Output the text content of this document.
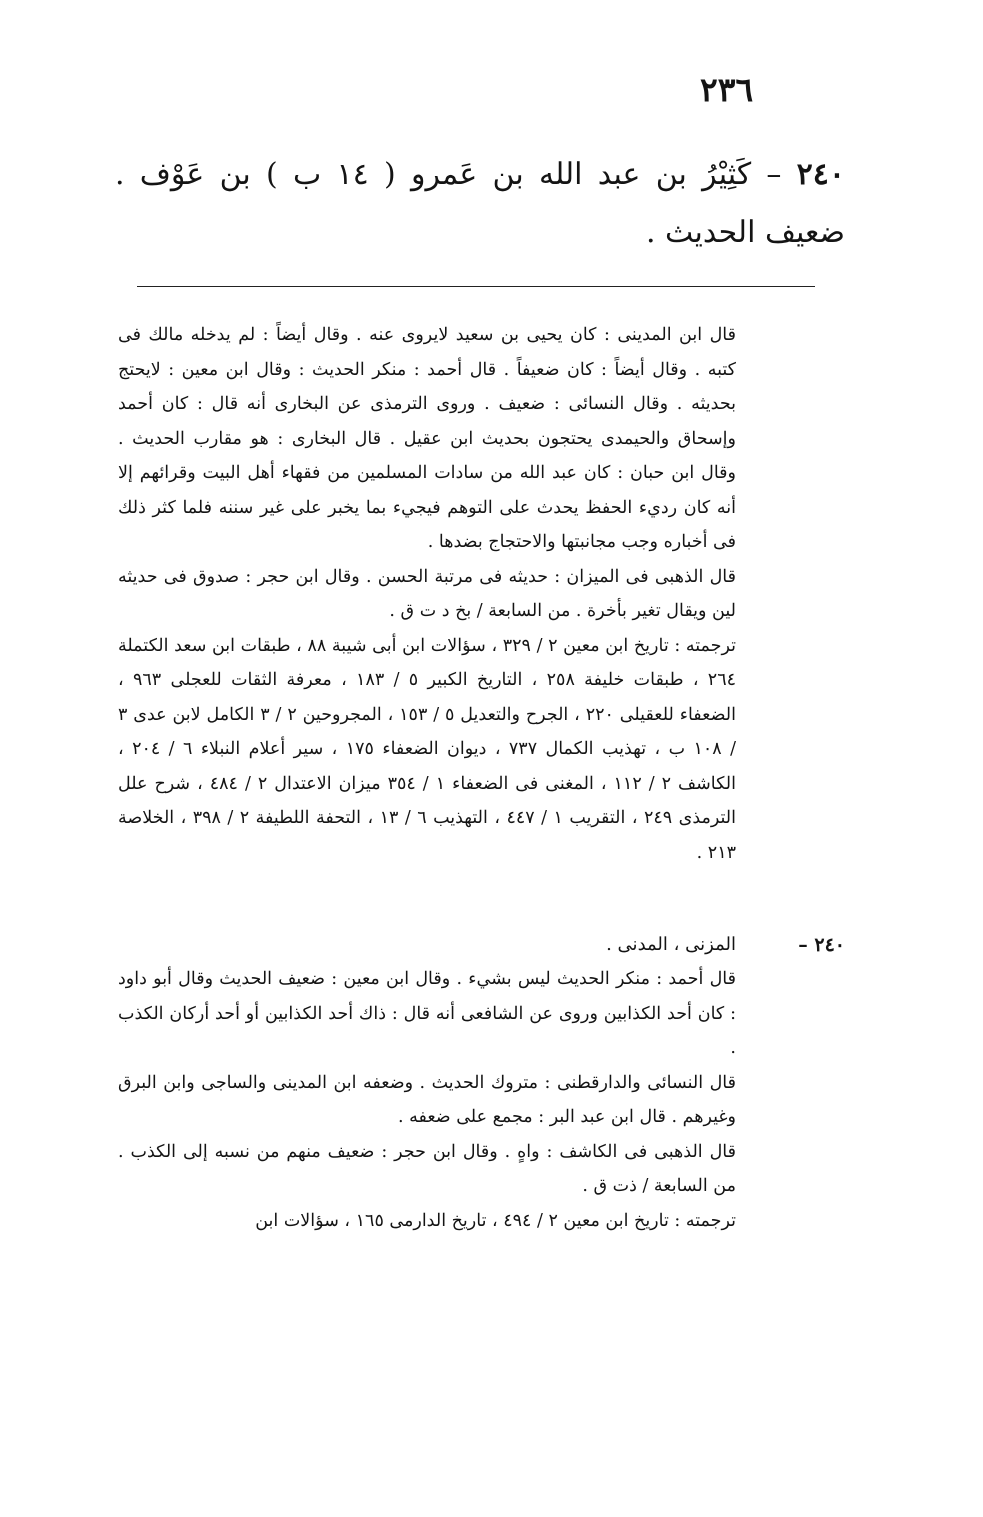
٢٣٦
٢٤٠ – كَثِيْرُ بن عبد الله بن عَمرو ( ١٤ ب ) بن عَوْف . ضعيف الحديث .

قال ابن المدينى : كان يحيى بن سعيد لايروى عنه . وقال أيضاً : لم يدخله مالك فى كتبه . وقال أيضاً : كان ضعيفاً . قال أحمد : منكر الحديث : وقال ابن معين : لايحتج بحديثه . وقال النسائى : ضعيف . وروى الترمذى عن البخارى أنه قال : كان أحمد وإسحاق والحيمدى يحتجون بحديث ابن عقيل . قال البخارى : هو مقارب الحديث . وقال ابن حبان : كان عبد الله من سادات المسلمين من فقهاء أهل البيت وقرائهم إلا أنه كان رديء الحفظ يحدث على التوهم فيجيء بما يخبر على غير سننه فلما كثر ذلك فى أخباره وجب مجانبتها والاحتجاج بضدها .

قال الذهبى فى الميزان : حديثه فى مرتبة الحسن . وقال ابن حجر : صدوق فى حديثه لين ويقال تغير بأخرة . من السابعة / بخ د ت ق .

ترجمته : تاريخ ابن معين ٢ / ٣٢٩ ، سؤالات ابن أبى شيبة ٨٨ ، طبقات ابن سعد الكتملة ٢٦٤ ، طبقات خليفة ٢٥٨ ، التاريخ الكبير ٥ / ١٨٣ ، معرفة الثقات للعجلى ٩٦٣ ، الضعفاء للعقيلى ٢٢٠ ، الجرح والتعديل ٥ / ١٥٣ ، المجروحين ٢ / ٣ الكامل لابن عدى ٣ / ١٠٨ ب ، تهذيب الكمال ٧٣٧ ، ديوان الضعفاء ١٧٥ ، سير أعلام النبلاء ٦ / ٢٠٤ ، الكاشف ٢ / ١١٢ ، المغنى فى الضعفاء ١ / ٣٥٤ ميزان الاعتدال ٢ / ٤٨٤ ، شرح علل الترمذى ٢٤٩ ، التقريب ١ / ٤٤٧ ، التهذيب ٦ / ١٣ ، التحفة اللطيفة ٢ / ٣٩٨ ، الخلاصة ٢١٣ .

٢٤٠ –

المزنى ، المدنى .

قال أحمد : منكر الحديث ليس بشيء . وقال ابن معين : ضعيف الحديث وقال أبو داود : كان أحد الكذابين وروى عن الشافعى أنه قال : ذاك أحد الكذابين أو أحد أركان الكذب .

قال النسائى والدارقطنى : متروك الحديث . وضعفه ابن المدينى والساجى وابن البرق وغيرهم . قال ابن عبد البر : مجمع على ضعفه .

قال الذهبى فى الكاشف : واهٍ . وقال ابن حجر : ضعيف منهم من نسبه إلى الكذب . من السابعة / ذت ق .

ترجمته : تاريخ ابن معين ٢ / ٤٩٤ ، تاريخ الدارمى ١٦٥ ، سؤالات ابن
